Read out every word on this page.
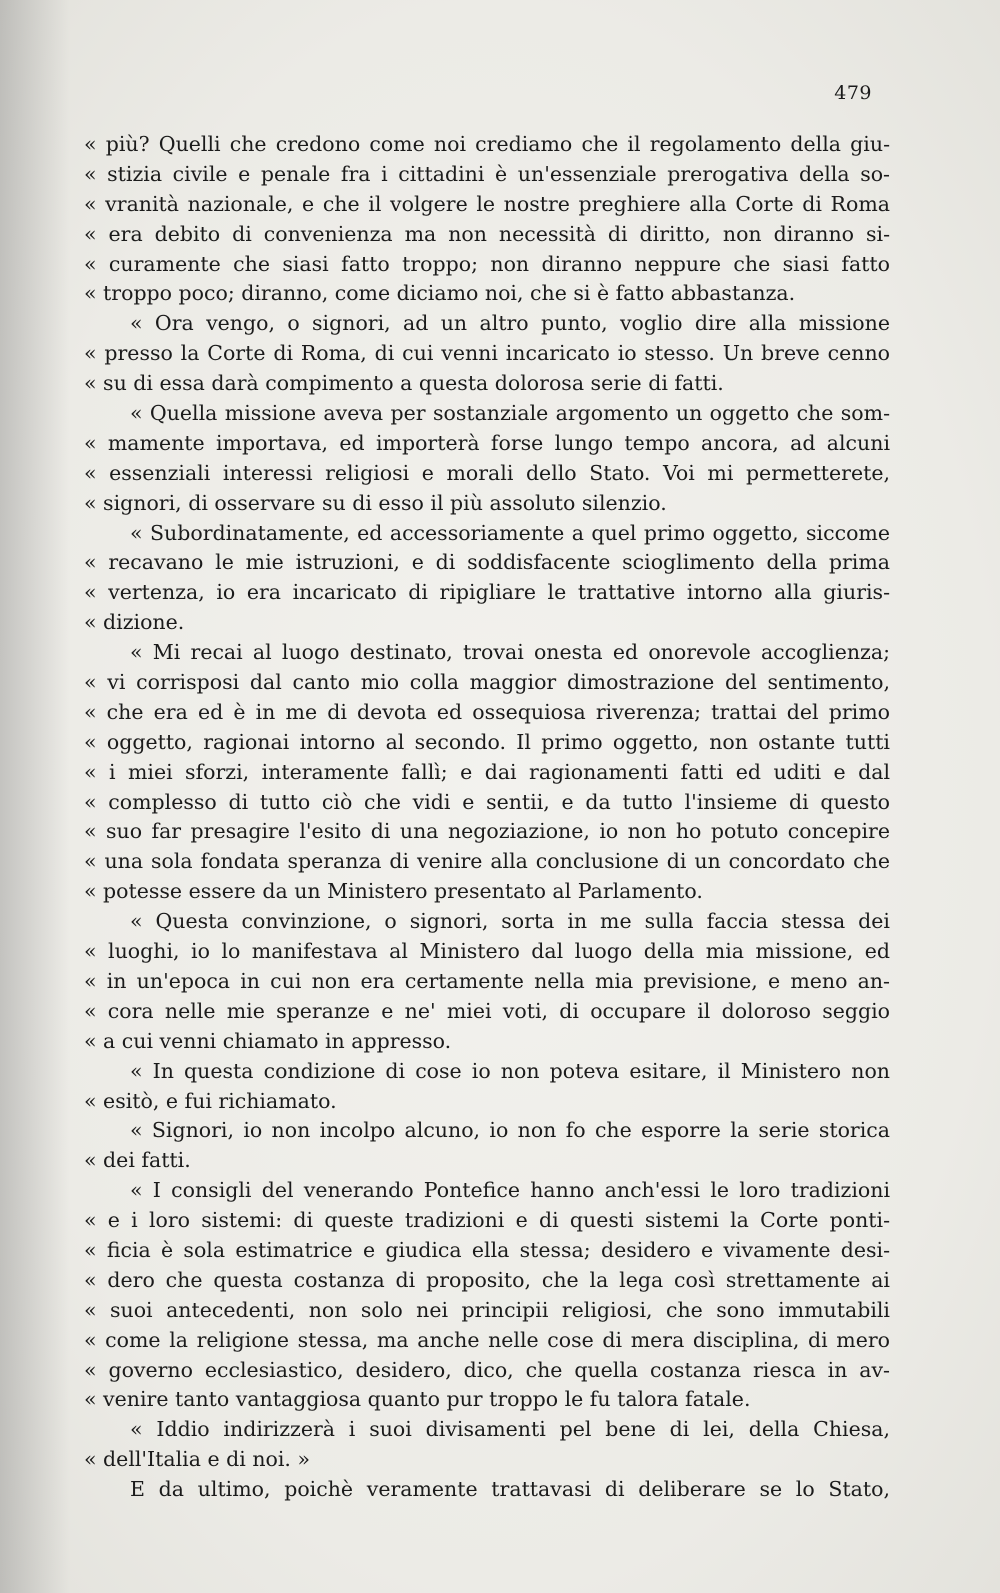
479
« più? Quelli che credono come noi crediamo che il regolamento della giu-
« stizia civile e penale fra i cittadini è un'essenziale prerogativa della so-
« vranità nazionale, e che il volgere le nostre preghiere alla Corte di Roma
« era debito di convenienza ma non necessità di diritto, non diranno si-
« curamente che siasi fatto troppo; non diranno neppure che siasi fatto
« troppo poco; diranno, come diciamo noi, che si è fatto abbastanza.
« Ora vengo, o signori, ad un altro punto, voglio dire alla missione
« presso la Corte di Roma, di cui venni incaricato io stesso. Un breve cenno
« su di essa darà compimento a questa dolorosa serie di fatti.
« Quella missione aveva per sostanziale argomento un oggetto che som-
« mamente importava, ed importerà forse lungo tempo ancora, ad alcuni
« essenziali interessi religiosi e morali dello Stato. Voi mi permetterete,
« signori, di osservare su di esso il più assoluto silenzio.
« Subordinatamente, ed accessoriamente a quel primo oggetto, siccome
« recavano le mie istruzioni, e di soddisfacente scioglimento della prima
« vertenza, io era incaricato di ripigliare le trattative intorno alla giuris-
« dizione.
« Mi recai al luogo destinato, trovai onesta ed onorevole accoglienza;
« vi corrisposi dal canto mio colla maggior dimostrazione del sentimento,
« che era ed è in me di devota ed ossequiosa riverenza; trattai del primo
« oggetto, ragionai intorno al secondo. Il primo oggetto, non ostante tutti
« i miei sforzi, interamente fallì; e dai ragionamenti fatti ed uditi e dal
« complesso di tutto ciò che vidi e sentii, e da tutto l'insieme di questo
« suo far presagire l'esito di una negoziazione, io non ho potuto concepire
« una sola fondata speranza di venire alla conclusione di un concordato che
« potesse essere da un Ministero presentato al Parlamento.
« Questa convinzione, o signori, sorta in me sulla faccia stessa dei
« luoghi, io lo manifestava al Ministero dal luogo della mia missione, ed
« in un'epoca in cui non era certamente nella mia previsione, e meno an-
« cora nelle mie speranze e ne' miei voti, di occupare il doloroso seggio
« a cui venni chiamato in appresso.
« In questa condizione di cose io non poteva esitare, il Ministero non
« esitò, e fui richiamato.
« Signori, io non incolpo alcuno, io non fo che esporre la serie storica
« dei fatti.
« I consigli del venerando Pontefice hanno anch'essi le loro tradizioni
« e i loro sistemi: di queste tradizioni e di questi sistemi la Corte ponti-
« ficia è sola estimatrice e giudica ella stessa; desidero e vivamente desi-
« dero che questa costanza di proposito, che la lega così strettamente ai
« suoi antecedenti, non solo nei principii religiosi, che sono immutabili
« come la religione stessa, ma anche nelle cose di mera disciplina, di mero
« governo ecclesiastico, desidero, dico, che quella costanza riesca in av-
« venire tanto vantaggiosa quanto pur troppo le fu talora fatale.
« Iddio indirizzerà i suoi divisamenti pel bene di lei, della Chiesa,
« dell'Italia e di noi. »
E da ultimo, poichè veramente trattavasi di deliberare se lo Stato,
